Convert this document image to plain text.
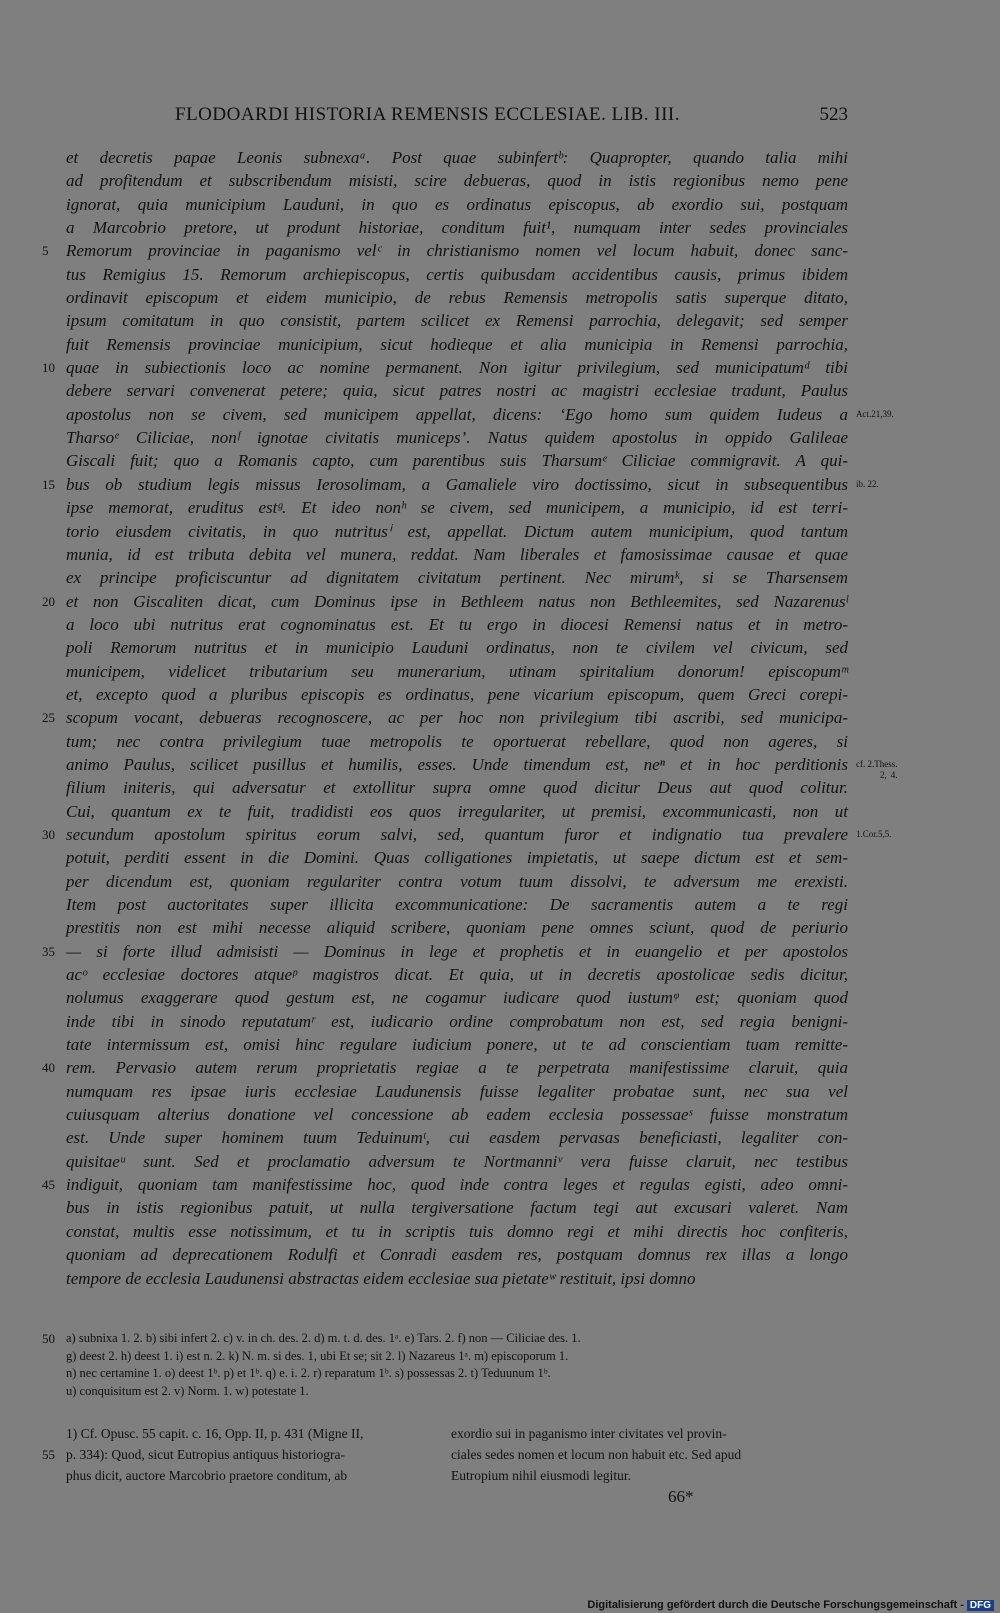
FLODOARDI HISTORIA REMENSIS ECCLESIAE. LIB. III.	523
et decretis papae Leonis subnexaᵃ. Post quae subinfertᵇ: Quapropter, quando talia mihi
ad profitendum et subscribendum misisti, scire debueras, quod in istis regionibus nemo pene
ignorat, quia municipium Lauduni, in quo es ordinatus episcopus, ab exordio sui, postquam
a Marcobrio pretore, ut produnt historiae, conditum fuit¹, numquam inter sedes provinciales
5 Remorum provinciae in paganismo velᶜ in christianismo nomen vel locum habuit, donec sanc-
tus Remigius 15. Remorum archiepiscopus, certis quibusdam accidentibus causis, primus ibidem
ordinavit episcopum et eidem municipio, de rebus Remensis metropolis satis superque ditato,
ipsum comitatum in quo consistit, partem scilicet ex Remensi parrochia, delegavit; sed semper
fuit Remensis provinciae municipium, sicut hodieque et alia municipia in Remensi parrochia,
10 quae in subiectionis loco ac nomine permanent. Non igitur privilegium, sed municipatumᵈ tibi
debere servari convenerat petere; quia, sicut patres nostri ac magistri ecclesiae tradunt, Paulus
apostolus non se civem, sed municipem appellat, dicens: ‘Ego homo sum quidem Iudeus a Act.21,39.
Tharsoᵉ Ciliciae, nonᶠ ignotae civitatis municeps’. Natus quidem apostolus in oppido Galileae
Giscali fuit; quo a Romanis capto, cum parentibus suis Tharsumᵉ Ciliciae commigravit. A qui-
15 bus ob studium legis missus Ierosolimam, a Gamaliele viro doctissimo, sicut in subsequentibus ib. 22.
ipse memorat, eruditus estᵍ. Et ideo nonʰ se civem, sed municipem, a municipio, id est terri-
torio eiusdem civitatis, in quo nutritusⁱ est, appellat. Dictum autem municipium, quod tantum
munia, id est tributa debita vel munera, reddat. Nam liberales et famosissimae causae et quae
ex principe proficiscuntur ad dignitatem civitatum pertinent. Nec mirumᵏ, si se Tharsensem
20 et non Giscaliten dicat, cum Dominus ipse in Bethleem natus non Bethleemites, sed Nazarenusˡ
a loco ubi nutritus erat cognominatus est. Et tu ergo in diocesi Remensi natus et in metro-
poli Remorum nutritus et in municipio Lauduni ordinatus, non te civilem vel civicum, sed
municipem, videlicet tributarium seu munerarium, utinam spiritalium donorum! episcopumᵐ
et, excepto quod a pluribus episcopis es ordinatus, pene vicarium episcopum, quem Greci corepi-
25 scopum vocant, debueras recognoscere, ac per hoc non privilegium tibi ascribi, sed municipa-
tum; nec contra privilegium tuae metropolis te oportuerat rebellare, quod non ageres, si
animo Paulus, scilicet pusillus et humilis, esses. Unde timendum est, neⁿ et in hoc perditionis cf. 2.Thess.
2, 4.
filium initeris, qui adversatur et extollitur supra omne quod dicitur Deus aut quod colitur.
Cui, quantum ex te fuit, tradidisti eos quos irregulariter, ut premisi, excommunicasti, non ut
30 secundum apostolum spiritus eorum salvi, sed, quantum furor et indignatio tua prevalere 1.Cor.5,5.
potuit, perditi essent in die Domini. Quas colligationes impietatis, ut saepe dictum est et sem-
per dicendum est, quoniam regulariter contra votum tuum dissolvi, te adversum me erexisti.
Item post auctoritates super illicita excommunicatione: De sacramentis autem a te regi
prestitis non est mihi necesse aliquid scribere, quoniam pene omnes sciunt, quod de periurio
35 — si forte illud admisisti — Dominus in lege et prophetis et in euangelio et per apostolos
acᵒ ecclesiae doctores atqueᵖ magistros dicat. Et quia, ut in decretis apostolicae sedis dicitur,
nolumus exaggerare quod gestum est, ne cogamur iudicare quod iustumᵠ est; quoniam quod
inde tibi in sinodo reputatumʳ est, iudicario ordine comprobatum non est, sed regia benigni-
tate intermissum est, omisi hinc regulare iudicium ponere, ut te ad conscientiam tuam remitte-
40 rem. Pervasio autem rerum proprietatis regiae a te perpetrata manifestissime claruit, quia
numquam res ipsae iuris ecclesiae Laudunensis fuisse legaliter probatae sunt, nec sua vel
cuiusquam alterius donatione vel concessione ab eadem ecclesia possessaeˢ fuisse monstratum
est. Unde super hominem tuum Teduinumᵗ, cui easdem pervasas beneficiasti, legaliter con-
quisitaeᵘ sunt. Sed et proclamatio adversum te Nortmanniᵛ vera fuisse claruit, nec testibus
45 indiguit, quoniam tam manifestissime hoc, quod inde contra leges et regulas egisti, adeo omni-
bus in istis regionibus patuit, ut nulla tergiversatione factum tegi aut excusari valeret. Nam
constat, multis esse notissimum, et tu in scriptis tuis domno regi et mihi directis hoc confiteris,
quoniam ad deprecationem Rodulfi et Conradi easdem res, postquam domnus rex illas a longo
tempore de ecclesia Laudunensi abstractas eidem ecclesiae sua pietateʷ restituit, ipsi domno
50 a) subnixa 1. 2. b) sibi infert 2. c) v. in ch. des. 2. d) m. t. d. des. 1ᵃ. e) Tars. 2. f) non — Ciliciae des. 1.
g) deest 2. h) deest 1. i) est n. 2. k) N. m. si des. 1, ubi Et se; sit 2. l) Nazareus 1ᵃ. m) episcoporum 1.
n) nec certamine 1. o) deest 1ᵇ. p) et 1ᵇ. q) e. i. 2. r) reparatum 1ᵇ. s) possessas 2. t) Teduunum 1ᵇ.
u) conquisitum est 2. v) Norm. 1. w) potestate 1.
1) Cf. Opusc. 55 capit. c. 16, Opp. II, p. 431 (Migne II,
55 p. 334): Quod, sicut Eutropius antiquus historiogra-
phus dicit, auctore Marcobrio praetore conditum, ab
exordio sui in paganismo inter civitates vel provin-
ciales sedes nomen et locum non habuit etc. Sed apud
Eutropium nihil eiusmodi legitur.
66*
Digitalisierung gefördert durch die Deutsche Forschungsgemeinschaft - DFG
